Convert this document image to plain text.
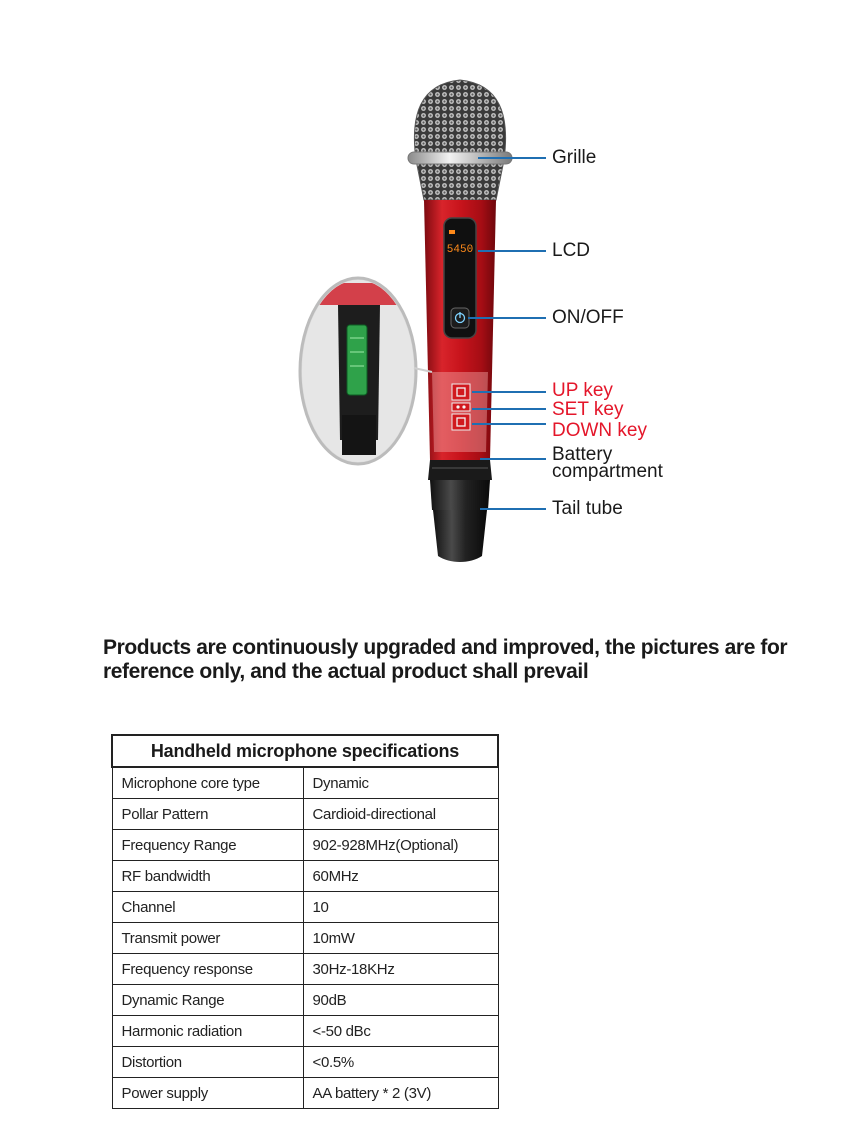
5450
Grille
LCD
ON/OFF
UP key
SET key
DOWN key
Battery
compartment
Tail tube

Products are continuously upgraded and improved, the pictures are for reference only, and the actual product shall prevail

Handheld microphone specifications	
Microphone core type	Dynamic
Pollar Pattern	Cardioid-directional
Frequency Range	902-928MHz(Optional)
RF bandwidth	60MHz
Channel	10
Transmit power	10mW
Frequency response	30Hz-18KHz
Dynamic Range	90dB
Harmonic radiation	<-50 dBc
Distortion	<0.5%
Power supply	AA battery * 2 (3V)
